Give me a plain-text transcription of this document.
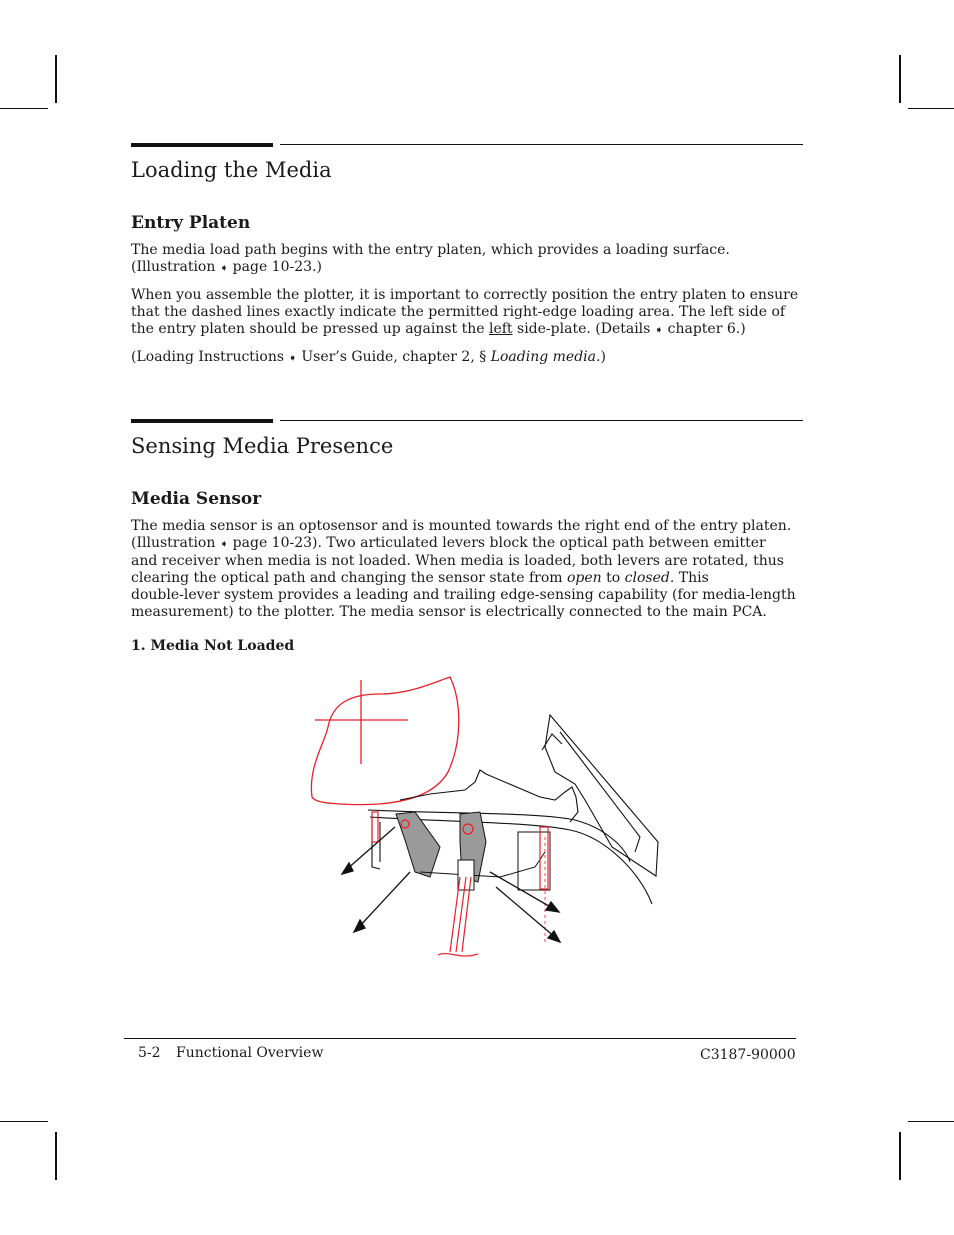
Loading the Media
Entry Platen

The media load path begins with the entry platen, which provides a loading surface.

(Illustration ➧ page 10-23.)

When you assemble the plotter, it is important to correctly position the entry platen to ensure

that the dashed lines exactly indicate the permitted right-edge loading area. The left side of

the entry platen should be pressed up against the left side-plate. (Details ➧ chapter 6.)

(Loading Instructions ➧ User’s Guide, chapter 2, § Loading media.)

Sensing Media Presence
Media Sensor

The media sensor is an optosensor and is mounted towards the right end of the entry platen.

(Illustration ➧ page 10-23). Two articulated levers block the optical path between emitter

and receiver when media is not loaded. When media is loaded, both levers are rotated, thus

clearing the optical path and changing the sensor state from open to closed. This

double-lever system provides a leading and trailing edge-sensing capability (for media-length

measurement) to the plotter. The media sensor is electrically connected to the main PCA.

1. Media Not Loaded
5-2 Functional Overview	C3187-90000
